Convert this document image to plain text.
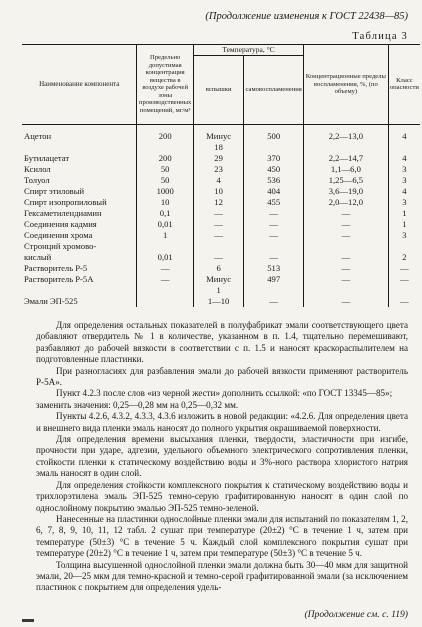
(Продолжение изменения к ГОСТ 22438—85)
Таблица 3
Наименование компонента	Предельно допустимая концентрация вещества в воздухе рабочей зоны производственных помещений, мг/м³	Температура, °С		Концентрационные пределы воспламенения, %, (по объему)	Класс опасности
		вспышки	самовоспламенения		

Ацетон	200	Минус	500	2,2—13,0	4
		18			
Бутилацетат	200	29	370	2,2—14,7	4
Ксилол	50	23	450	1,1—6,0	3
Толуол	50	4	536	1,25—6,5	3
Спирт этиловый	1000	10	404	3,6—19,0	4
Спирт изопропиловый	10	12	455	2,0—12,0	3
Гексаметилендиамин	0,1	—	—	—	1
Соединения кадмия	0,01	—	—	—	1
Соединения хрома	1	—	—	—	3
Стронций хромово-					
кислый	0,01	—	—	—	2
Растворитель Р-5	—	6	513	—	—
Растворитель Р-5А	—	Минус	497	—	—
		1			
Эмали ЭП-525		1—10	—	—	—

Для определения остальных показателей в полуфабрикат эмали соответствующего цвета добавляют отвердитель № 1 в количестве, указанном в п. 1.4, тщательно перемешивают, разбавляют до рабочей вязкости в соответствии с п. 1.5 и наносят краскораспылителем на подготовленные пластинки.

При разногласиях для разбавления эмали до рабочей вязкости применяют растворитель Р-5А».

Пункт 4.2.3 после слов «из черной жести» дополнить ссылкой: «по ГОСТ 13345—85»;

заменить значения: 0,25—0,28 мм на 0,25—0,32 мм.

Пункты 4.2.6, 4.3.2, 4.3.3, 4.3.6 изложить в новой редакции: «4.2.6. Для определения цвета и внешнего вида пленки эмаль наносят до полного укрытия окрашиваемой поверхности.

Для определения времени высыхания пленки, твердости, эластичности при изгибе, прочности при ударе, адгезии, удельного объемного электрического сопротивления пленки, стойкости пленки к статическому воздействию воды и 3%-ного раствора хлористого натрия эмаль наносят в один слой.

Для определения стойкости комплексного покрытия к статическому воздействию воды и трихлорэтилена эмаль ЭП-525 темно-серую графитированную наносят в один слой по однослойному покрытию эмалью ЭП-525 темно-зеленой.

Нанесенные на пластинки однослойные пленки эмали для испытаний по показателям 1, 2, 6, 7, 8, 9, 10, 11, 12 табл. 2 сушат при температуре (20±2) °С в течение 1 ч, затем при температуре (50±3) °С в течение 5 ч. Каждый слой комплексного покрытия сушат при температуре (20±2) °С в течение 1 ч, затем при температуре (50±3) °С в течение 5 ч.

Толщина высушенной однослойной пленки эмали должна быть 30—40 мкм для защитной эмали, 20—25 мкм для темно-красной и темно-серой графитированной эмали (за исключением пластинок с покрытием для определения удель-

(Продолжение см. с. 119)
